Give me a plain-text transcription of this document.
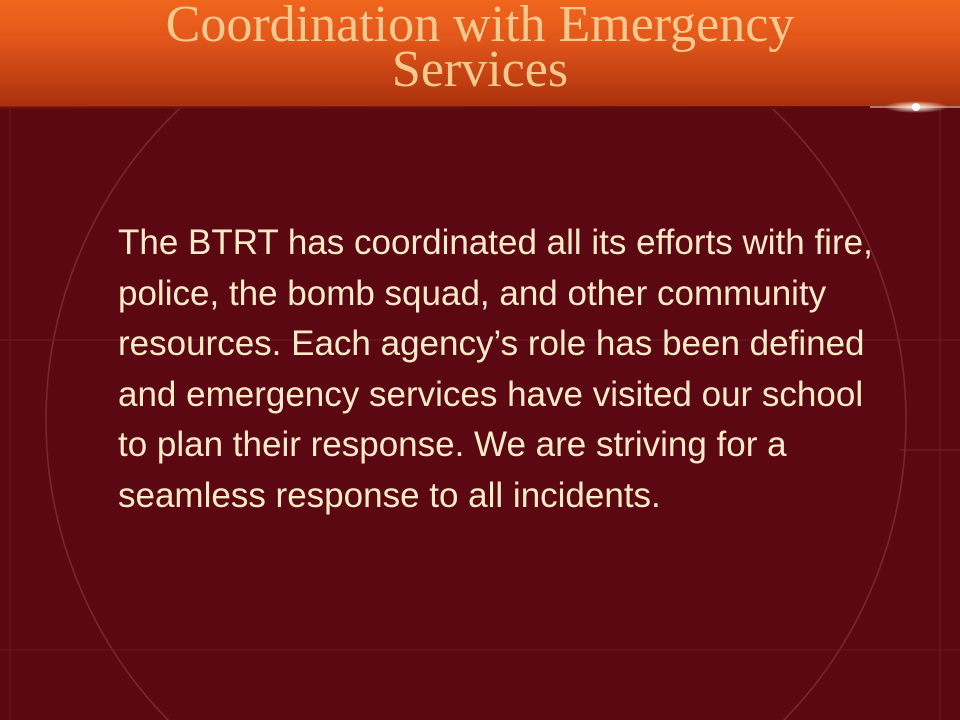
Coordination with Emergency
Services
The BTRT has coordinated all its efforts with fire, police, the bomb squad, and other community resources. Each agency’s role has been defined and emergency services have visited our school to plan their response. We are striving for a seamless response to all incidents.
